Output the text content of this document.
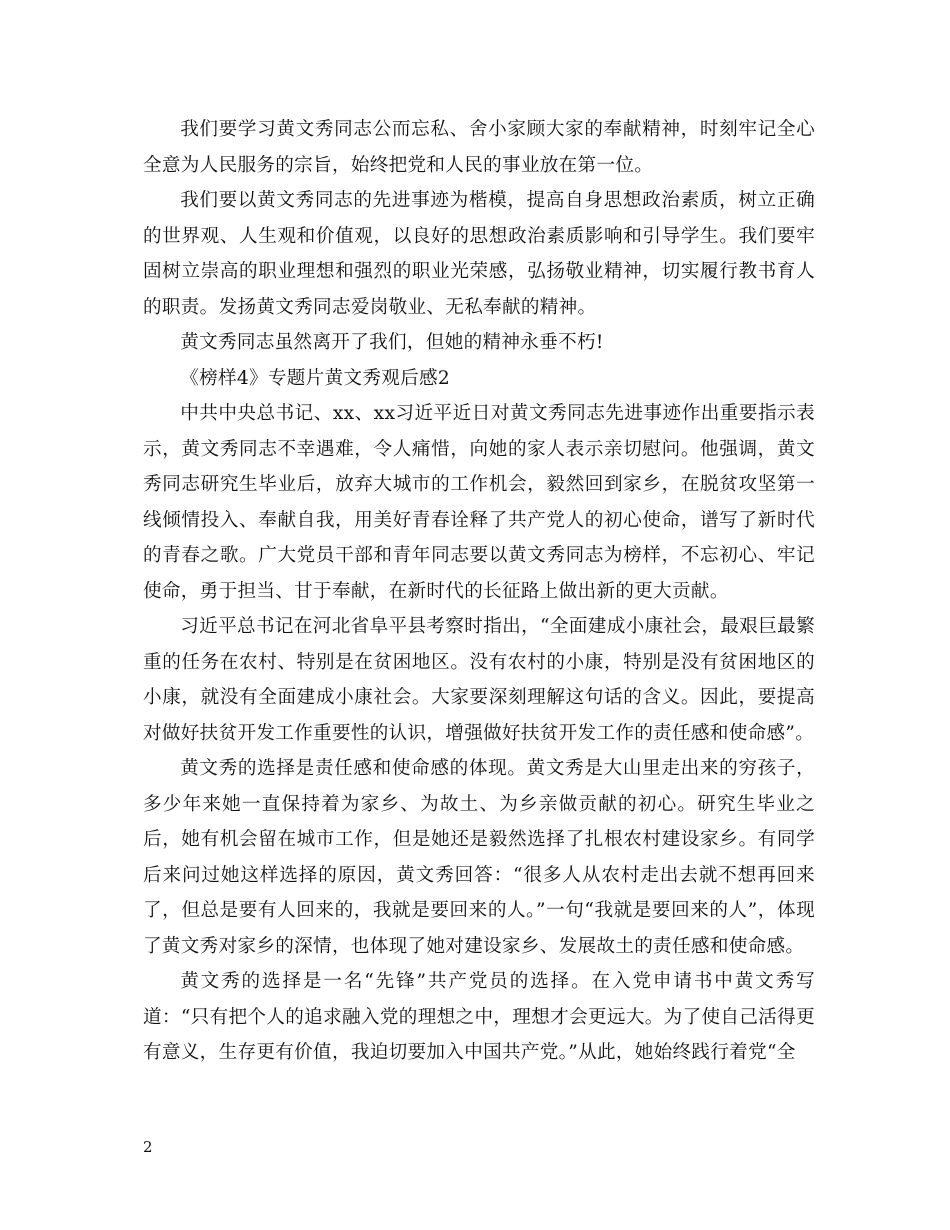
我们要学习黄文秀同志公而忘私、舍小家顾大家的奉献精神，时刻牢记全心全意为人民服务的宗旨，始终把党和人民的事业放在第一位。

我们要以黄文秀同志的先进事迹为楷模，提高自身思想政治素质，树立正确的世界观、人生观和价值观，以良好的思想政治素质影响和引导学生。我们要牢固树立崇高的职业理想和强烈的职业光荣感，弘扬敬业精神，切实履行教书育人的职责。发扬黄文秀同志爱岗敬业、无私奉献的精神。

黄文秀同志虽然离开了我们，但她的精神永垂不朽!

《榜样4》专题片黄文秀观后感2

中共中央总书记、xx、xx习近平近日对黄文秀同志先进事迹作出重要指示表示，黄文秀同志不幸遇难，令人痛惜，向她的家人表示亲切慰问。他强调，黄文秀同志研究生毕业后，放弃大城市的工作机会，毅然回到家乡，在脱贫攻坚第一线倾情投入、奉献自我，用美好青春诠释了共产党人的初心使命，谱写了新时代的青春之歌。广大党员干部和青年同志要以黄文秀同志为榜样，不忘初心、牢记使命，勇于担当、甘于奉献，在新时代的长征路上做出新的更大贡献。

习近平总书记在河北省阜平县考察时指出，“全面建成小康社会，最艰巨最繁重的任务在农村、特别是在贫困地区。没有农村的小康，特别是没有贫困地区的小康，就没有全面建成小康社会。大家要深刻理解这句话的含义。因此，要提高对做好扶贫开发工作重要性的认识，增强做好扶贫开发工作的责任感和使命感”。

黄文秀的选择是责任感和使命感的体现。黄文秀是大山里走出来的穷孩子，多少年来她一直保持着为家乡、为故土、为乡亲做贡献的初心。研究生毕业之后，她有机会留在城市工作，但是她还是毅然选择了扎根农村建设家乡。有同学后来问过她这样选择的原因，黄文秀回答：“很多人从农村走出去就不想再回来了，但总是要有人回来的，我就是要回来的人。”一句“我就是要回来的人”，体现了黄文秀对家乡的深情，也体现了她对建设家乡、发展故土的责任感和使命感。

黄文秀的选择是一名“先锋”共产党员的选择。在入党申请书中黄文秀写道：“只有把个人的追求融入党的理想之中，理想才会更远大。为了使自己活得更有意义，生存更有价值，我迫切要加入中国共产党。”从此，她始终践行着党“全

2
